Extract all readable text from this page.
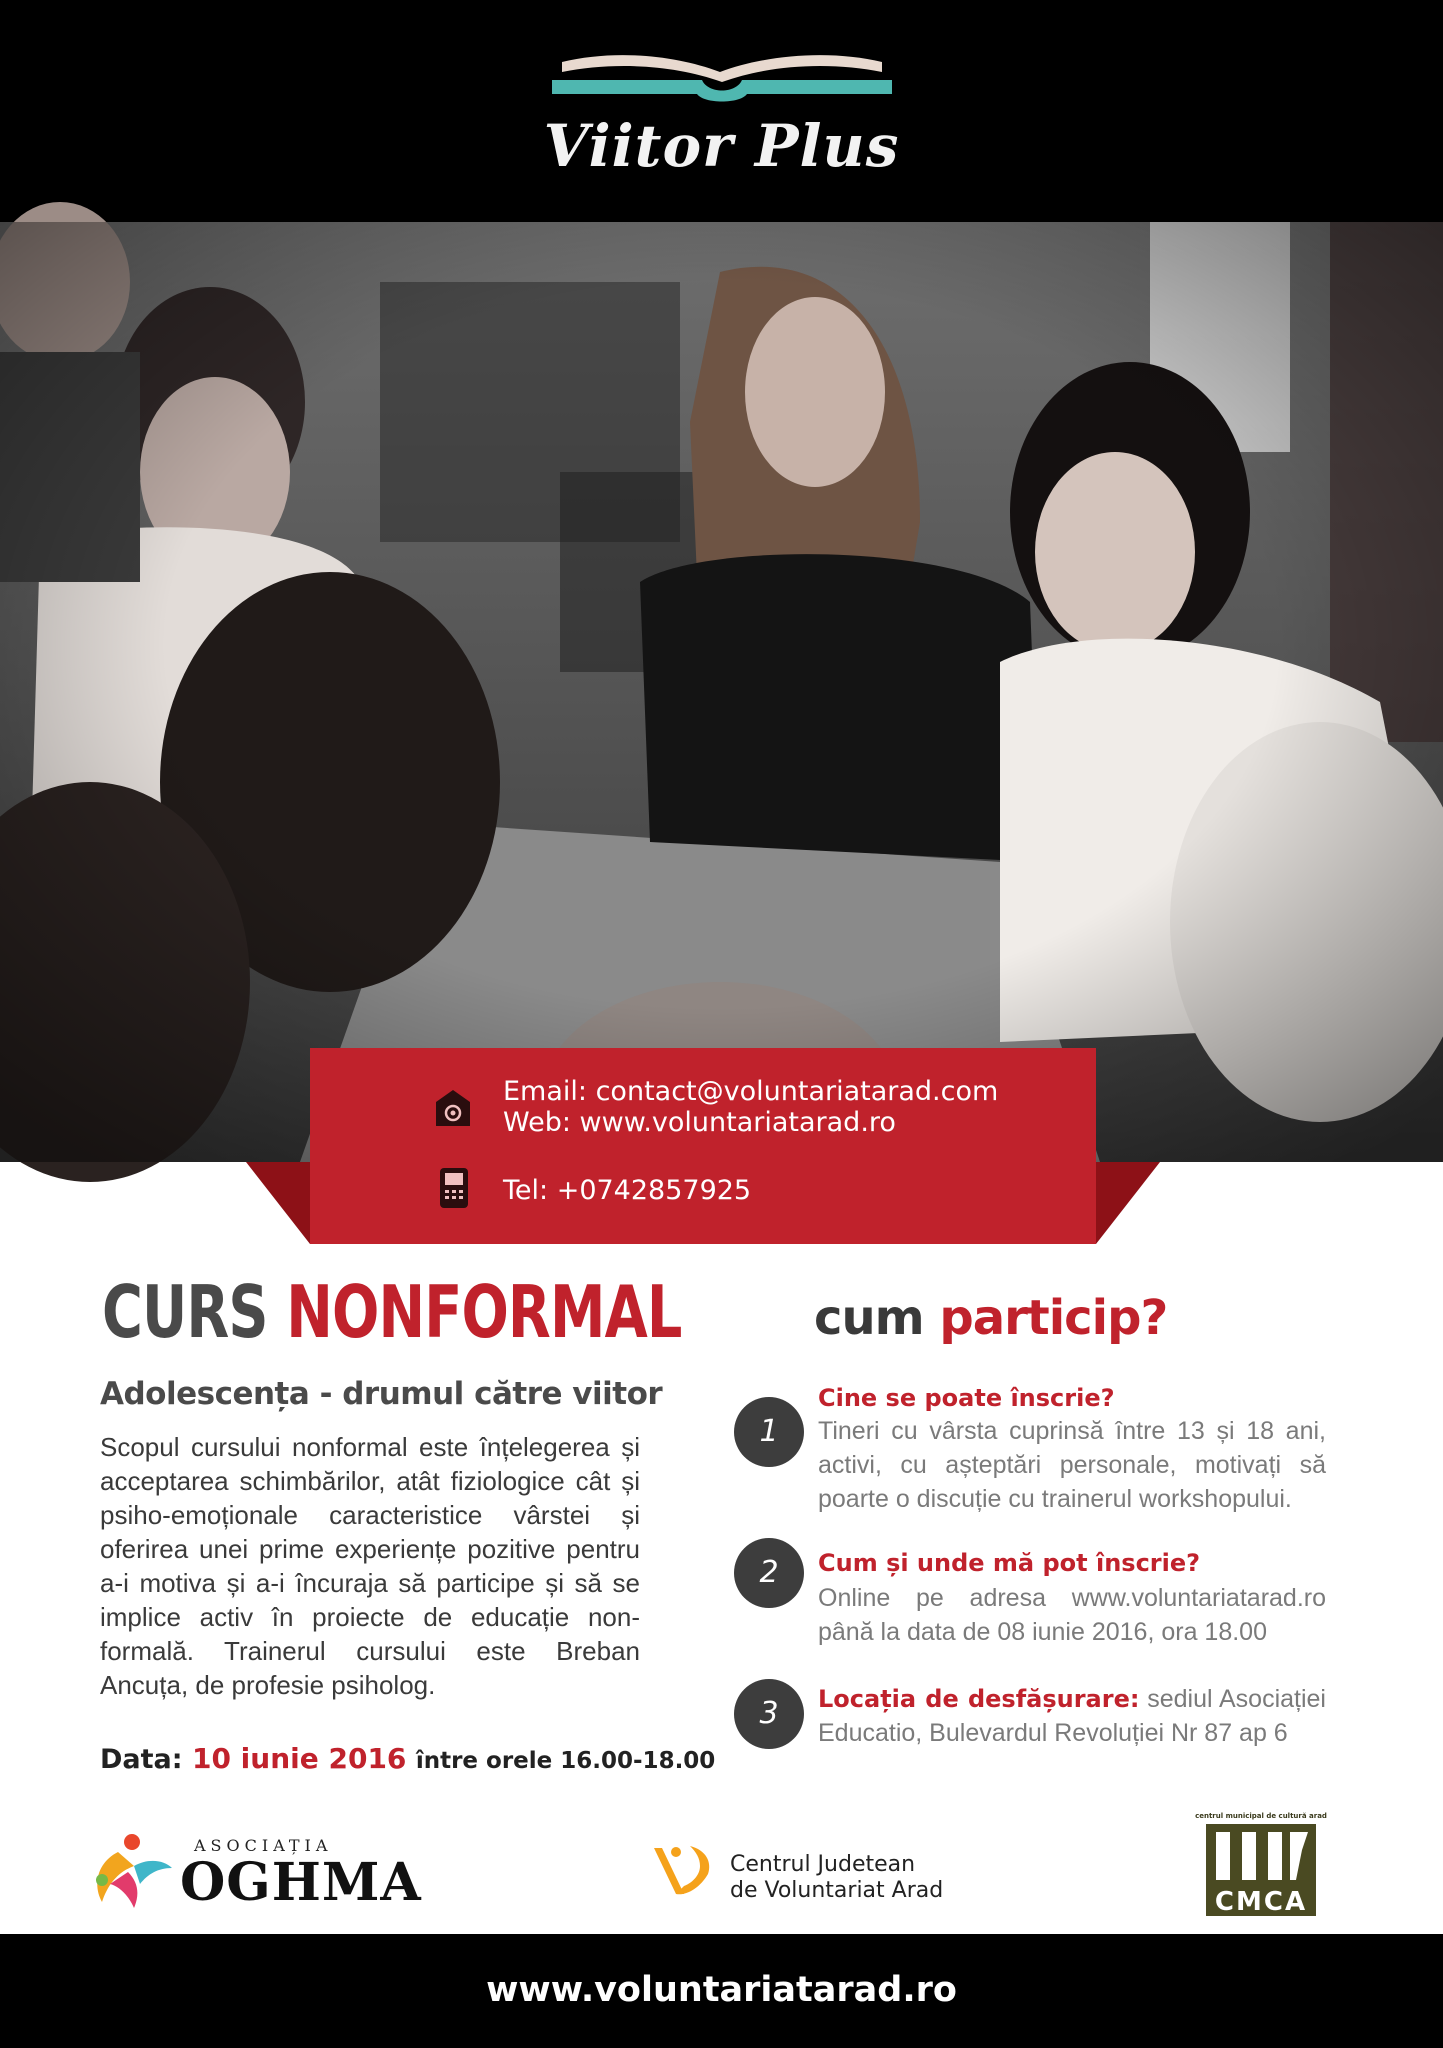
Viitor Plus
Email: contact@voluntariatarad.com
Web: www.voluntariatarad.ro
Tel: +0742857925
CURS NONFORMAL
Adolescența - drumul către viitor
Scopul cursului nonformal este înțelegerea și acceptarea schimbărilor, atât fiziologice cât și psiho-emoționale caracteristice vârstei și oferirea unei prime experiențe pozitive pentru a-i motiva și a-i încuraja să participe și să se implice activ în proiecte de educație non-formală. Trainerul cursului este Breban Ancuța, de profesie psiholog.
Data: 10 iunie 2016 între orele 16.00-18.00
cum particip?
1
Cine se poate înscrie?
Tineri cu vârsta cuprinsă între 13 și 18 ani, activi, cu așteptări personale, motivați să poarte o discuție cu trainerul workshopului.
2	Cum și unde mă pot înscrie?
Online pe adresa www.voluntariatarad.ro până la data de 08 iunie 2016, ora 18.00
3	Locația de desfășurare: sediul Asociației Educatio, Bulevardul Revoluției Nr 87 ap 6
ASOCIAȚIA
OGHMA	Centrul Judetean
de Voluntariat Arad
centrul municipal de cultură arad
CMCA
www.voluntariatarad.ro
